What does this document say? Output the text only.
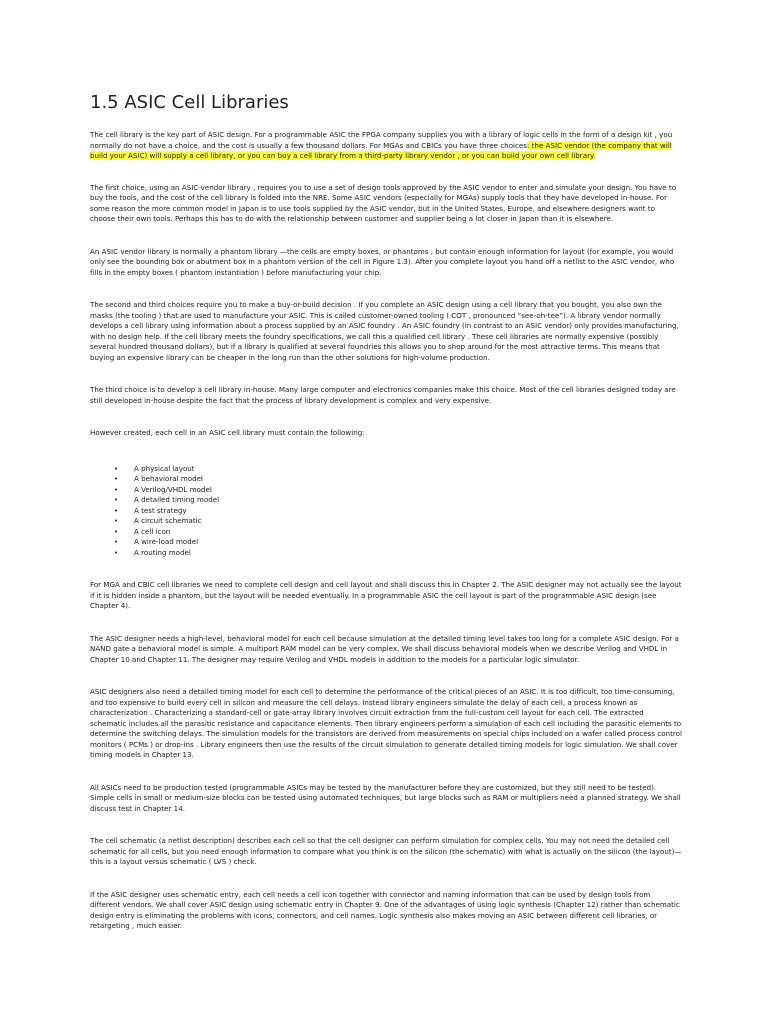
1.5 ASIC Cell Libraries

The cell library is the key part of ASIC design. For a programmable ASIC the FPGA company supplies you with a library of logic cells in the form of a design kit , you normally do not have a choice, and the cost is usually a few thousand dollars. For MGAs and CBICs you have three choices: the ASIC vendor (the company that will build your ASIC) will supply a cell library, or you can buy a cell library from a third-party library vendor , or you can build your own cell library.

The first choice, using an ASIC-vendor library , requires you to use a set of design tools approved by the ASIC vendor to enter and simulate your design. You have to buy the tools, and the cost of the cell library is folded into the NRE. Some ASIC vendors (especially for MGAs) supply tools that they have developed in-house. For some reason the more common model in Japan is to use tools supplied by the ASIC vendor, but in the United States, Europe, and elsewhere designers want to choose their own tools. Perhaps this has to do with the relationship between customer and supplier being a lot closer in Japan than it is elsewhere.

An ASIC vendor library is normally a phantom library —the cells are empty boxes, or phantoms , but contain enough information for layout (for example, you would only see the bounding box or abutment box in a phantom version of the cell in Figure 1.3). After you complete layout you hand off a netlist to the ASIC vendor, who fills in the empty boxes ( phantom instantiation ) before manufacturing your chip.

The second and third choices require you to make a buy-or-build decision . If you complete an ASIC design using a cell library that you bought, you also own the masks (the tooling ) that are used to manufacture your ASIC. This is called customer-owned tooling ( COT , pronounced “see-oh-tee”). A library vendor normally develops a cell library using information about a process supplied by an ASIC foundry . An ASIC foundry (in contrast to an ASIC vendor) only provides manufacturing, with no design help. If the cell library meets the foundry specifications, we call this a qualified cell library . These cell libraries are normally expensive (possibly several hundred thousand dollars), but if a library is qualified at several foundries this allows you to shop around for the most attractive terms. This means that buying an expensive library can be cheaper in the long run than the other solutions for high-volume production.

The third choice is to develop a cell library in-house. Many large computer and electronics companies make this choice. Most of the cell libraries designed today are still developed in-house despite the fact that the process of library development is complex and very expensive.

However created, each cell in an ASIC cell library must contain the following:

•	A physical layout
•	A behavioral model
•	A Verilog/VHDL model
•	A detailed timing model
•	A test strategy
•	A circuit schematic
•	A cell icon
•	A wire-load model
•	A routing model

For MGA and CBIC cell libraries we need to complete cell design and cell layout and shall discuss this in Chapter 2. The ASIC designer may not actually see the layout if it is hidden inside a phantom, but the layout will be needed eventually. In a programmable ASIC the cell layout is part of the programmable ASIC design (see Chapter 4).

The ASIC designer needs a high-level, behavioral model for each cell because simulation at the detailed timing level takes too long for a complete ASIC design. For a NAND gate a behavioral model is simple. A multiport RAM model can be very complex. We shall discuss behavioral models when we describe Verilog and VHDL in Chapter 10 and Chapter 11. The designer may require Verilog and VHDL models in addition to the models for a particular logic simulator.

ASIC designers also need a detailed timing model for each cell to determine the performance of the critical pieces of an ASIC. It is too difficult, too time-consuming, and too expensive to build every cell in silicon and measure the cell delays. Instead library engineers simulate the delay of each cell, a process known as characterization . Characterizing a standard-cell or gate-array library involves circuit extraction from the full-custom cell layout for each cell. The extracted schematic includes all the parasitic resistance and capacitance elements. Then library engineers perform a simulation of each cell including the parasitic elements to determine the switching delays. The simulation models for the transistors are derived from measurements on special chips included on a wafer called process control monitors ( PCMs ) or drop-ins . Library engineers then use the results of the circuit simulation to generate detailed timing models for logic simulation. We shall cover timing models in Chapter 13.

All ASICs need to be production tested (programmable ASICs may be tested by the manufacturer before they are customized, but they still need to be tested). Simple cells in small or medium-size blocks can be tested using automated techniques, but large blocks such as RAM or multipliers need a planned strategy. We shall discuss test in Chapter 14.

The cell schematic (a netlist description) describes each cell so that the cell designer can perform simulation for complex cells. You may not need the detailed cell schematic for all cells, but you need enough information to compare what you think is on the silicon (the schematic) with what is actually on the silicon (the layout)—this is a layout versus schematic ( LVS ) check.

If the ASIC designer uses schematic entry, each cell needs a cell icon together with connector and naming information that can be used by design tools from different vendors. We shall cover ASIC design using schematic entry in Chapter 9. One of the advantages of using logic synthesis (Chapter 12) rather than schematic design entry is eliminating the problems with icons, connectors, and cell names. Logic synthesis also makes moving an ASIC between different cell libraries, or retargeting , much easier.
